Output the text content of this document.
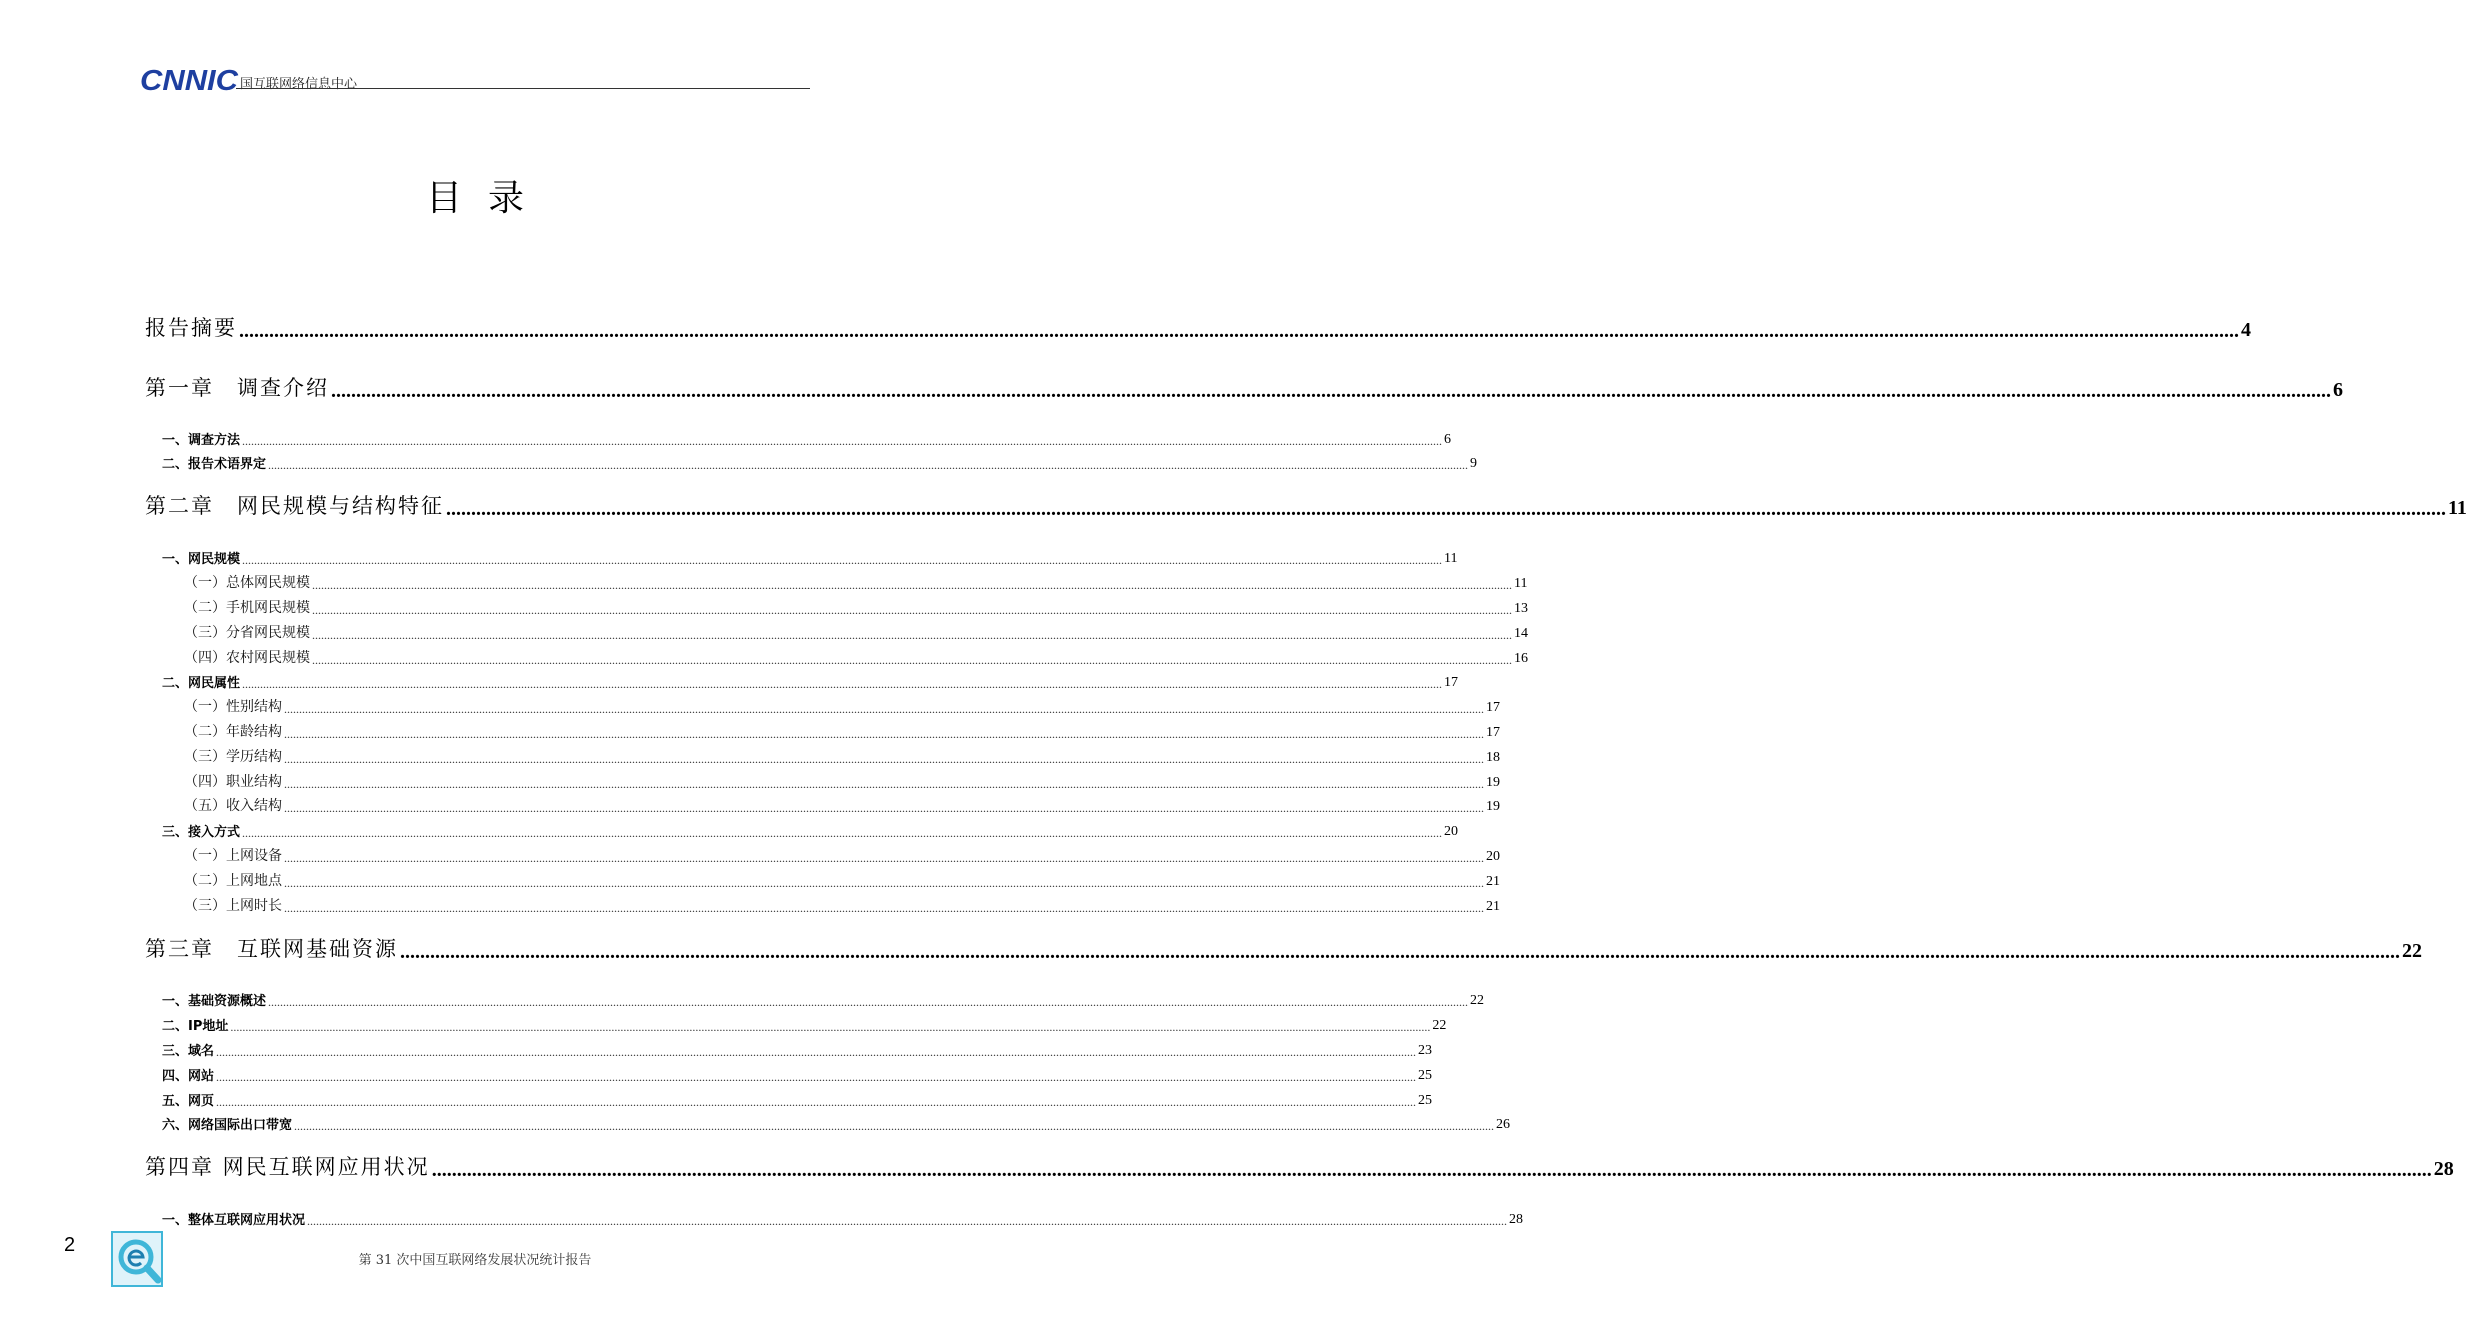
CNNIC 国互联网络信息中心
目录
报告摘要 ................................................................................................................................................................................................................................................................................................................................................................................................................ 4
第一章　调查介绍 ................................................................................................................................................................................................................................................................................................................................................................................................................ 6
一、调查方法 ................................................................................................................................................................................................................................................................................................................................................................................................................ 6
二、报告术语界定 ................................................................................................................................................................................................................................................................................................................................................................................................................ 9
第二章　网民规模与结构特征 ................................................................................................................................................................................................................................................................................................................................................................................................................ 11
一、网民规模 ................................................................................................................................................................................................................................................................................................................................................................................................................ 11
（一）总体网民规模 ................................................................................................................................................................................................................................................................................................................................................................................................................ 11
（二）手机网民规模 ................................................................................................................................................................................................................................................................................................................................................................................................................ 13
（三）分省网民规模 ................................................................................................................................................................................................................................................................................................................................................................................................................ 14
（四）农村网民规模 ................................................................................................................................................................................................................................................................................................................................................................................................................ 16
二、网民属性 ................................................................................................................................................................................................................................................................................................................................................................................................................ 17
（一）性别结构 ................................................................................................................................................................................................................................................................................................................................................................................................................ 17
（二）年龄结构 ................................................................................................................................................................................................................................................................................................................................................................................................................ 17
（三）学历结构 ................................................................................................................................................................................................................................................................................................................................................................................................................ 18
（四）职业结构 ................................................................................................................................................................................................................................................................................................................................................................................................................ 19
（五）收入结构 ................................................................................................................................................................................................................................................................................................................................................................................................................ 19
三、接入方式 ................................................................................................................................................................................................................................................................................................................................................................................................................ 20
（一）上网设备 ................................................................................................................................................................................................................................................................................................................................................................................................................ 20
（二）上网地点 ................................................................................................................................................................................................................................................................................................................................................................................................................ 21
（三）上网时长 ................................................................................................................................................................................................................................................................................................................................................................................................................ 21
第三章　互联网基础资源 ................................................................................................................................................................................................................................................................................................................................................................................................................ 22
一、基础资源概述 ................................................................................................................................................................................................................................................................................................................................................................................................................ 22
二、IP地址 ................................................................................................................................................................................................................................................................................................................................................................................................................ 22
三、域名 ................................................................................................................................................................................................................................................................................................................................................................................................................ 23
四、网站 ................................................................................................................................................................................................................................................................................................................................................................................................................ 25
五、网页 ................................................................................................................................................................................................................................................................................................................................................................................................................ 25
六、网络国际出口带宽 ................................................................................................................................................................................................................................................................................................................................................................................................................ 26
第四章 网民互联网应用状况 ................................................................................................................................................................................................................................................................................................................................................................................................................ 28
一、整体互联网应用状况 ................................................................................................................................................................................................................................................................................................................................................................................................................ 28
2
第 31 次中国互联网络发展状况统计报告
